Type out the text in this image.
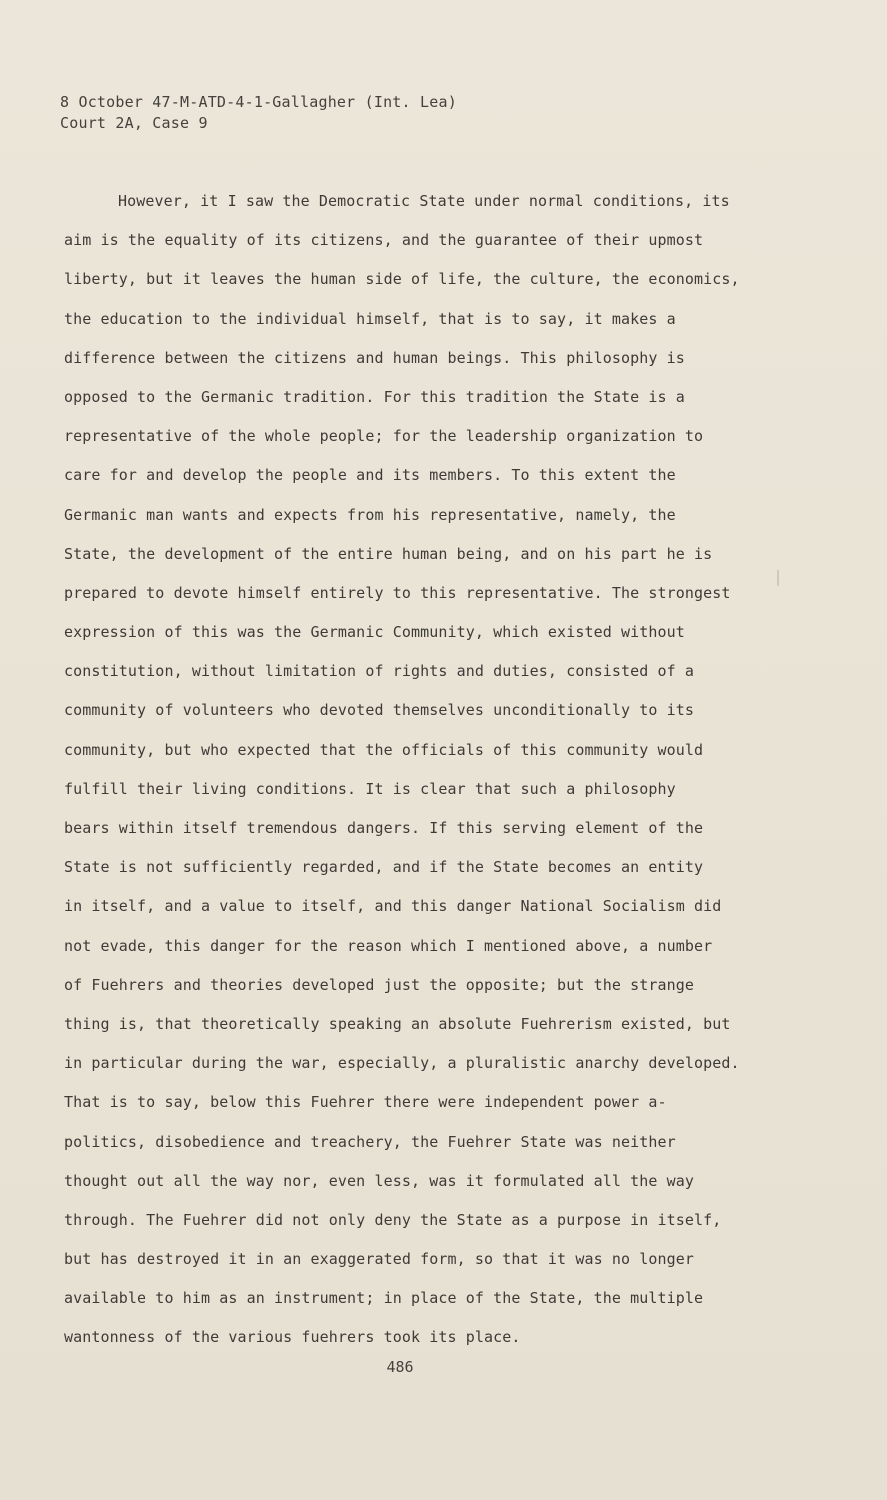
8 October 47-M-ATD-4-1-Gallagher (Int. Lea)
Court 2A, Case 9
However, it I saw the Democratic State under normal conditions, its
aim is the equality of its citizens, and the guarantee of their upmost
liberty, but it leaves the human side of life, the culture, the economics,
the education to the individual himself, that is to say, it makes a
difference between the citizens and human beings. This philosophy is
opposed to the Germanic tradition. For this tradition the State is a
representative of the whole people; for the leadership organization to
care for and develop the people and its members. To this extent the
Germanic man wants and expects from his representative, namely, the
State, the development of the entire human being, and on his part he is
prepared to devote himself entirely to this representative. The strongest
expression of this was the Germanic Community, which existed without
constitution, without limitation of rights and duties, consisted of a
community of volunteers who devoted themselves unconditionally to its
community, but who expected that the officials of this community would
fulfill their living conditions. It is clear that such a philosophy
bears within itself tremendous dangers. If this serving element of the
State is not sufficiently regarded, and if the State becomes an entity
in itself, and a value to itself, and this danger National Socialism did
not evade, this danger for the reason which I mentioned above, a number
of Fuehrers and theories developed just the opposite; but the strange
thing is, that theoretically speaking an absolute Fuehrerism existed, but
in particular during the war, especially, a pluralistic anarchy developed.
That is to say, below this Fuehrer there were independent power a-
politics, disobedience and treachery, the Fuehrer State was neither
thought out all the way nor, even less, was it formulated all the way
through. The Fuehrer did not only deny the State as a purpose in itself,
but has destroyed it in an exaggerated form, so that it was no longer
available to him as an instrument; in place of the State, the multiple
wantonness of the various fuehrers took its place.
486
